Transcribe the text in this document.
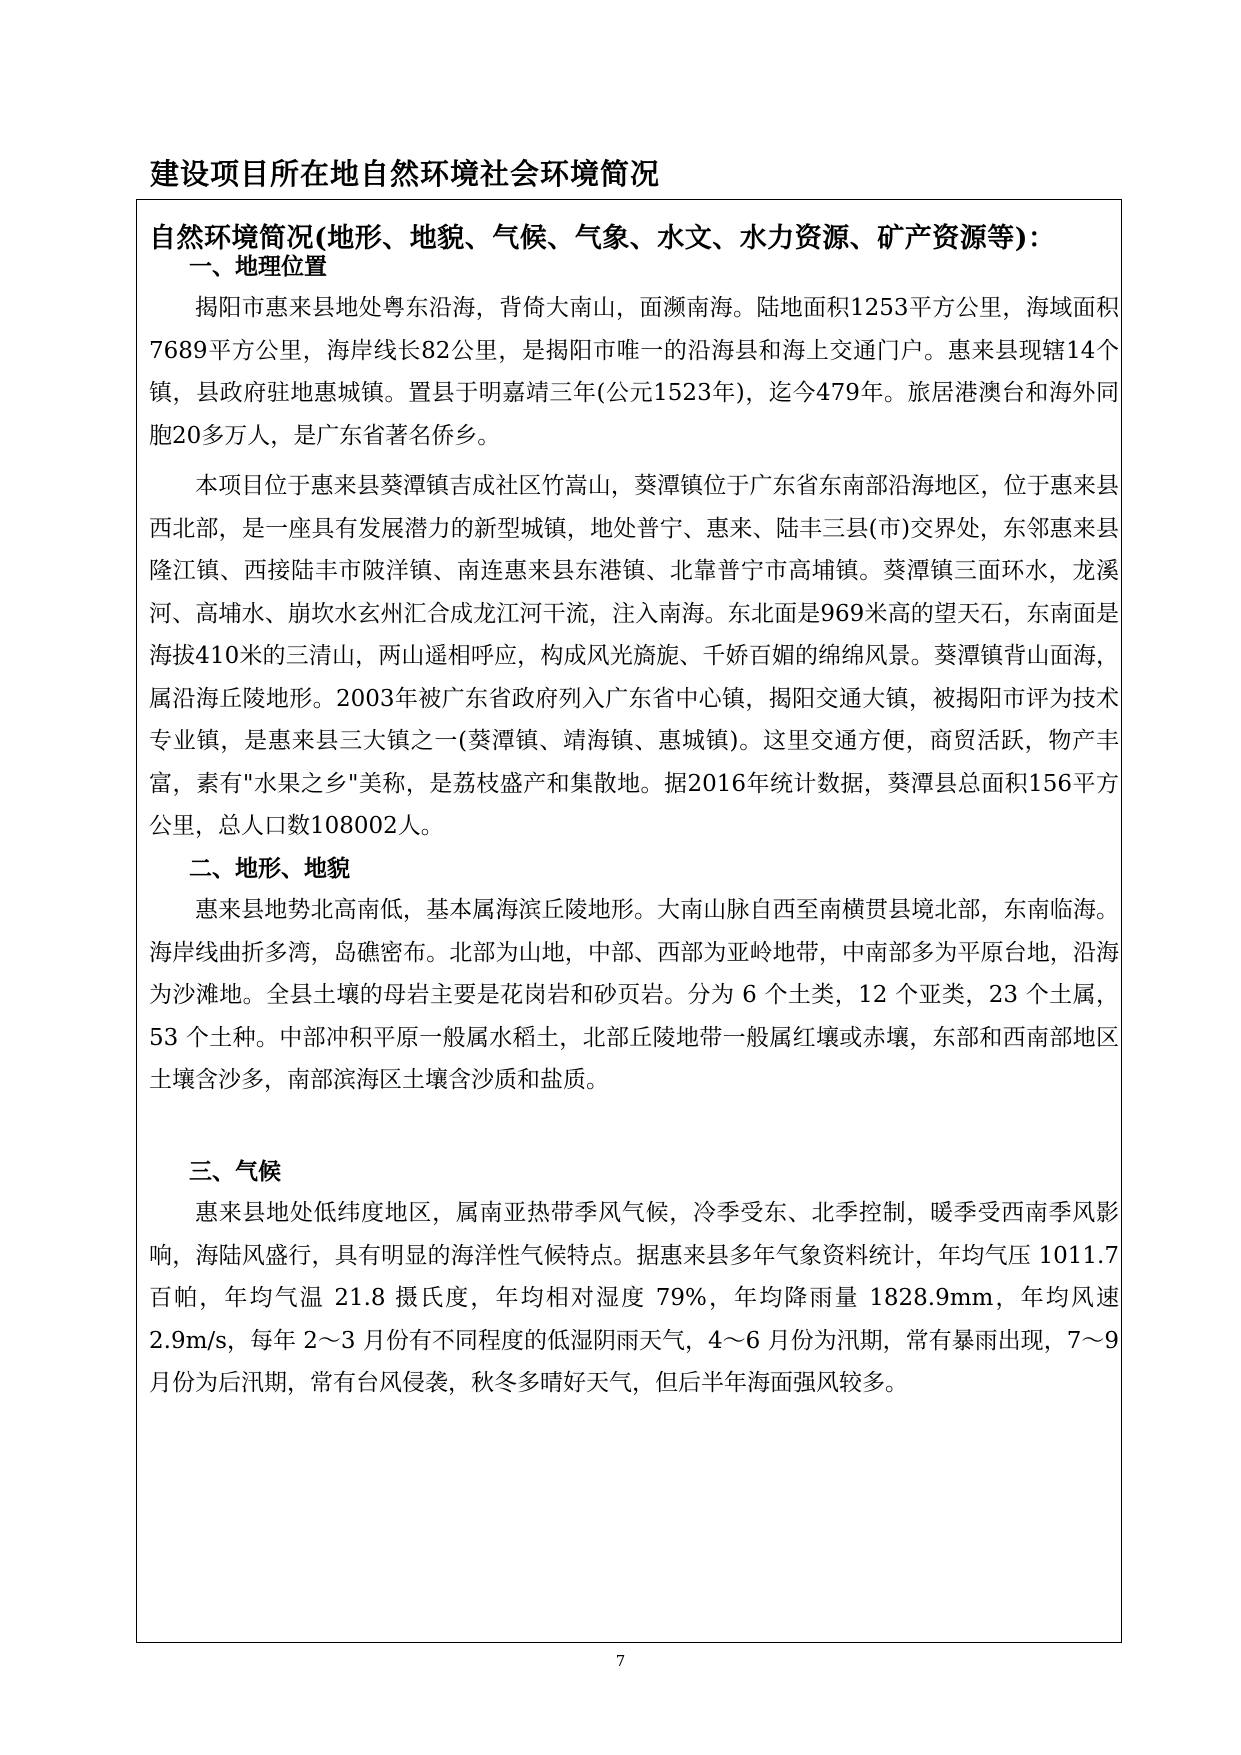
建设项目所在地自然环境社会环境简况
自然环境简况(地形、地貌、气候、气象、水文、水力资源、矿产资源等)：
一、地理位置

揭阳市惠来县地处粤东沿海，背倚大南山，面濒南海。陆地面积1253平方公里，海域面积7689平方公里，海岸线长82公里，是揭阳市唯一的沿海县和海上交通门户。惠来县现辖14个镇，县政府驻地惠城镇。置县于明嘉靖三年(公元1523年)，迄今479年。旅居港澳台和海外同胞20多万人，是广东省著名侨乡。

本项目位于惠来县葵潭镇吉成社区竹嵩山，葵潭镇位于广东省东南部沿海地区，位于惠来县西北部，是一座具有发展潜力的新型城镇，地处普宁、惠来、陆丰三县(市)交界处，东邻惠来县隆江镇、西接陆丰市陂洋镇、南连惠来县东港镇、北靠普宁市高埔镇。葵潭镇三面环水，龙溪河、高埔水、崩坎水玄州汇合成龙江河干流，注入南海。东北面是969米高的望天石，东南面是海拔410米的三清山，两山遥相呼应，构成风光旖旎、千娇百媚的绵绵风景。葵潭镇背山面海，属沿海丘陵地形。2003年被广东省政府列入广东省中心镇，揭阳交通大镇，被揭阳市评为技术专业镇，是惠来县三大镇之一(葵潭镇、靖海镇、惠城镇)。这里交通方便，商贸活跃，物产丰富，素有"水果之乡"美称，是荔枝盛产和集散地。据2016年统计数据，葵潭县总面积156平方公里，总人口数108002人。

二、地形、地貌

惠来县地势北高南低，基本属海滨丘陵地形。大南山脉自西至南横贯县境北部，东南临海。海岸线曲折多湾，岛礁密布。北部为山地，中部、西部为亚岭地带，中南部多为平原台地，沿海为沙滩地。全县土壤的母岩主要是花岗岩和砂页岩。分为 6 个土类，12 个亚类，23 个土属，53 个土种。中部冲积平原一般属水稻土，北部丘陵地带一般属红壤或赤壤，东部和西南部地区土壤含沙多，南部滨海区土壤含沙质和盐质。

三、气候

惠来县地处低纬度地区，属南亚热带季风气候，冷季受东、北季控制，暖季受西南季风影响，海陆风盛行，具有明显的海洋性气候特点。据惠来县多年气象资料统计，年均气压 1011.7 百帕，年均气温 21.8 摄氏度，年均相对湿度 79%，年均降雨量 1828.9mm，年均风速 2.9m/s，每年 2～3 月份有不同程度的低湿阴雨天气，4～6 月份为汛期，常有暴雨出现，7～9 月份为后汛期，常有台风侵袭，秋冬多晴好天气，但后半年海面强风较多。

7
